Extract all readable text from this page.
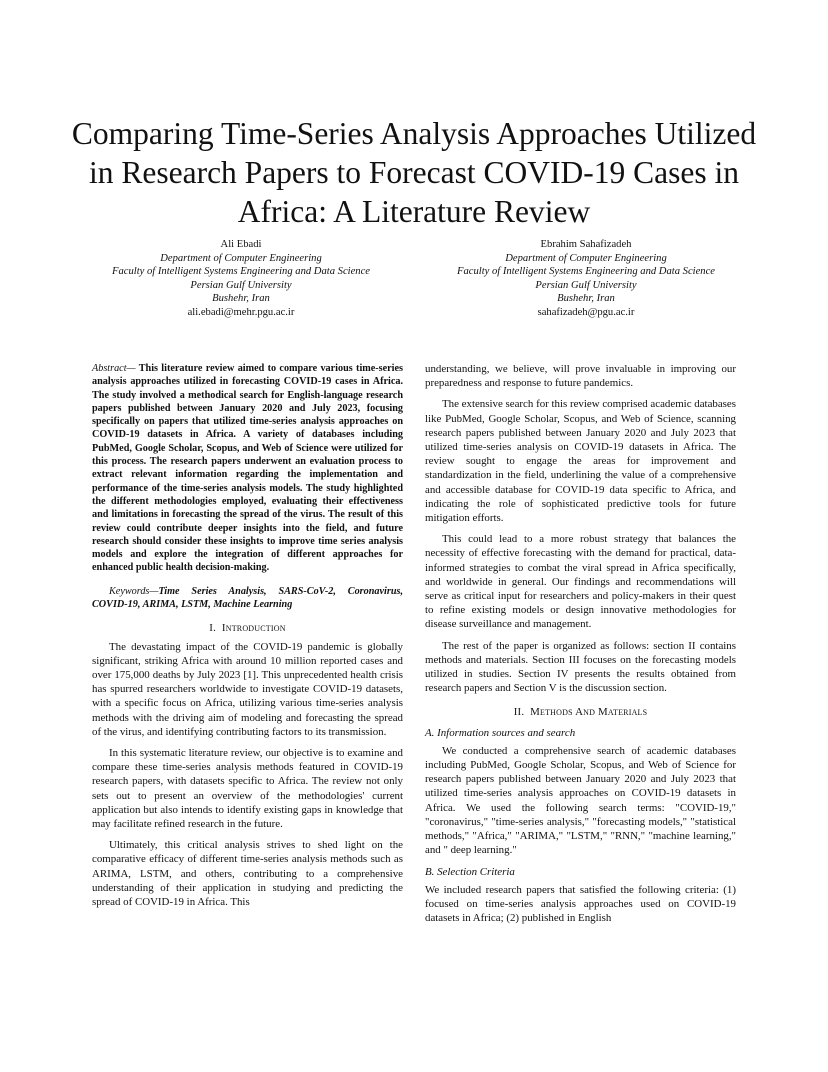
Comparing Time-Series Analysis Approaches Utilized in Research Papers to Forecast COVID-19 Cases in Africa: A Literature Review
Ali Ebadi
Department of Computer Engineering
Faculty of Intelligent Systems Engineering and Data Science
Persian Gulf University
Bushehr, Iran
ali.ebadi@mehr.pgu.ac.ir
Ebrahim Sahafizadeh
Department of Computer Engineering
Faculty of Intelligent Systems Engineering and Data Science
Persian Gulf University
Bushehr, Iran
sahafizadeh@pgu.ac.ir

Abstract— This literature review aimed to compare various time-series analysis approaches utilized in forecasting COVID-19 cases in Africa. The study involved a methodical search for English-language research papers published between January 2020 and July 2023, focusing specifically on papers that utilized time-series analysis approaches on COVID-19 datasets in Africa. A variety of databases including PubMed, Google Scholar, Scopus, and Web of Science were utilized for this process. The research papers underwent an evaluation process to extract relevant information regarding the implementation and performance of the time-series analysis models. The study highlighted the different methodologies employed, evaluating their effectiveness and limitations in forecasting the spread of the virus. The result of this review could contribute deeper insights into the field, and future research should consider these insights to improve time series analysis models and explore the integration of different approaches for enhanced public health decision-making.

Keywords—Time Series Analysis, SARS-CoV-2, Coronavirus, COVID-19, ARIMA, LSTM, Machine Learning

I. Introduction

The devastating impact of the COVID-19 pandemic is globally significant, striking Africa with around 10 million reported cases and over 175,000 deaths by July 2023 [1]. This unprecedented health crisis has spurred researchers worldwide to investigate COVID-19 datasets, with a specific focus on Africa, utilizing various time-series analysis methods with the driving aim of modeling and forecasting the spread of the virus, and identifying contributing factors to its transmission.

In this systematic literature review, our objective is to examine and compare these time-series analysis methods featured in COVID-19 research papers, with datasets specific to Africa. The review not only sets out to present an overview of the methodologies' current application but also intends to identify existing gaps in knowledge that may facilitate refined research in the future.

Ultimately, this critical analysis strives to shed light on the comparative efficacy of different time-series analysis methods such as ARIMA, LSTM, and others, contributing to a comprehensive understanding of their application in studying and predicting the spread of COVID-19 in Africa. This

understanding, we believe, will prove invaluable in improving our preparedness and response to future pandemics.

The extensive search for this review comprised academic databases like PubMed, Google Scholar, Scopus, and Web of Science, scanning research papers published between January 2020 and July 2023 that utilized time-series analysis on COVID-19 datasets in Africa. The review sought to engage the areas for improvement and standardization in the field, underlining the value of a comprehensive and accessible database for COVID-19 data specific to Africa, and indicating the role of sophisticated predictive tools for future mitigation efforts.

This could lead to a more robust strategy that balances the necessity of effective forecasting with the demand for practical, data-informed strategies to combat the viral spread in Africa specifically, and worldwide in general. Our findings and recommendations will serve as critical input for researchers and policy-makers in their quest to refine existing models or design innovative methodologies for disease surveillance and management.

The rest of the paper is organized as follows: section II contains methods and materials. Section III focuses on the forecasting models utilized in studies. Section IV presents the results obtained from research papers and Section V is the discussion section.

II. Methods And Materials
A. Information sources and search

We conducted a comprehensive search of academic databases including PubMed, Google Scholar, Scopus, and Web of Science for research papers published between January 2020 and July 2023 that utilized time-series analysis approaches on COVID-19 datasets in Africa. We used the following search terms: "COVID-19," "coronavirus," "time-series analysis," "forecasting models," "statistical methods," "Africa," "ARIMA," "LSTM," "RNN," "machine learning," and " deep learning."

B. Selection Criteria

We included research papers that satisfied the following criteria: (1) focused on time-series analysis approaches used on COVID-19 datasets in Africa; (2) published in English
